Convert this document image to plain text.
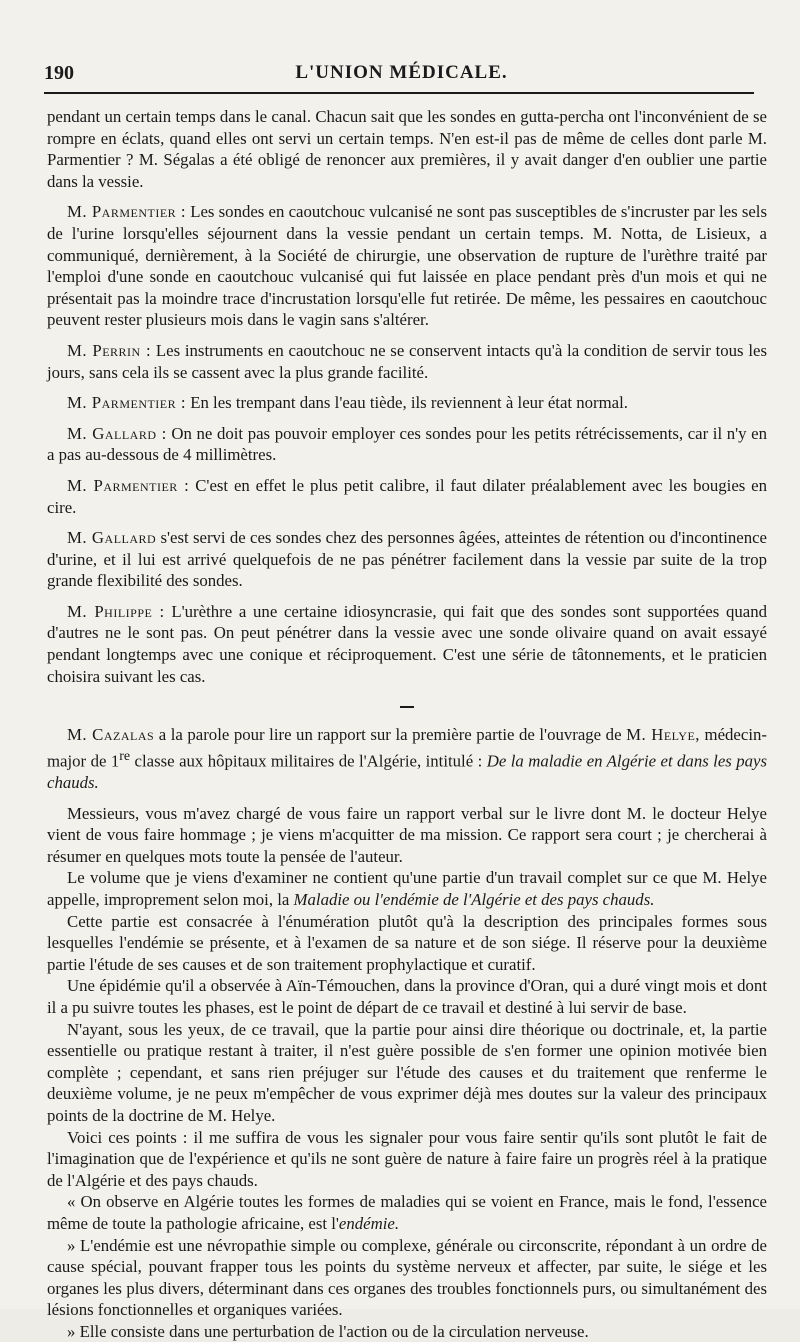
190	L'UNION MÉDICALE.

pendant un certain temps dans le canal. Chacun sait que les sondes en gutta-percha ont l'inconvénient de se rompre en éclats, quand elles ont servi un certain temps. N'en est-il pas de même de celles dont parle M. Parmentier ? M. Ségalas a été obligé de renoncer aux premières, il y avait danger d'en oublier une partie dans la vessie.

M. Parmentier : Les sondes en caoutchouc vulcanisé ne sont pas susceptibles de s'incruster par les sels de l'urine lorsqu'elles séjournent dans la vessie pendant un certain temps. M. Notta, de Lisieux, a communiqué, dernièrement, à la Société de chirurgie, une observation de rupture de l'urèthre traité par l'emploi d'une sonde en caoutchouc vulcanisé qui fut laissée en place pendant près d'un mois et qui ne présentait pas la moindre trace d'incrustation lorsqu'elle fut retirée. De même, les pessaires en caoutchouc peuvent rester plusieurs mois dans le vagin sans s'altérer.

M. Perrin : Les instruments en caoutchouc ne se conservent intacts qu'à la condition de servir tous les jours, sans cela ils se cassent avec la plus grande facilité.

M. Parmentier : En les trempant dans l'eau tiède, ils reviennent à leur état normal.

M. Gallard : On ne doit pas pouvoir employer ces sondes pour les petits rétrécissements, car il n'y en a pas au-dessous de 4 millimètres.

M. Parmentier : C'est en effet le plus petit calibre, il faut dilater préalablement avec les bougies en cire.

M. Gallard s'est servi de ces sondes chez des personnes âgées, atteintes de rétention ou d'incontinence d'urine, et il lui est arrivé quelquefois de ne pas pénétrer facilement dans la vessie par suite de la trop grande flexibilité des sondes.

M. Philippe : L'urèthre a une certaine idiosyncrasie, qui fait que des sondes sont supportées quand d'autres ne le sont pas. On peut pénétrer dans la vessie avec une sonde olivaire quand on avait essayé pendant longtemps avec une conique et réciproquement. C'est une série de tâtonnements, et le praticien choisira suivant les cas.

M. Cazalas a la parole pour lire un rapport sur la première partie de l'ouvrage de M. Helye, médecin-major de 1re classe aux hôpitaux militaires de l'Algérie, intitulé : De la maladie en Algérie et dans les pays chauds.

Messieurs, vous m'avez chargé de vous faire un rapport verbal sur le livre dont M. le docteur Helye vient de vous faire hommage ; je viens m'acquitter de ma mission. Ce rapport sera court ; je chercherai à résumer en quelques mots toute la pensée de l'auteur.

Le volume que je viens d'examiner ne contient qu'une partie d'un travail complet sur ce que M. Helye appelle, improprement selon moi, la Maladie ou l'endémie de l'Algérie et des pays chauds.

Cette partie est consacrée à l'énumération plutôt qu'à la description des principales formes sous lesquelles l'endémie se présente, et à l'examen de sa nature et de son siége. Il réserve pour la deuxième partie l'étude de ses causes et de son traitement prophylactique et curatif.

Une épidémie qu'il a observée à Aïn-Témouchen, dans la province d'Oran, qui a duré vingt mois et dont il a pu suivre toutes les phases, est le point de départ de ce travail et destiné à lui servir de base.

N'ayant, sous les yeux, de ce travail, que la partie pour ainsi dire théorique ou doctrinale, et, la partie essentielle ou pratique restant à traiter, il n'est guère possible de s'en former une opinion motivée bien complète ; cependant, et sans rien préjuger sur l'étude des causes et du traitement que renferme le deuxième volume, je ne peux m'empêcher de vous exprimer déjà mes doutes sur la valeur des principaux points de la doctrine de M. Helye.

Voici ces points : il me suffira de vous les signaler pour vous faire sentir qu'ils sont plutôt le fait de l'imagination que de l'expérience et qu'ils ne sont guère de nature à faire faire un progrès réel à la pratique de l'Algérie et des pays chauds.

« On observe en Algérie toutes les formes de maladies qui se voient en France, mais le fond, l'essence même de toute la pathologie africaine, est l'endémie.

» L'endémie est une névropathie simple ou complexe, générale ou circonscrite, répondant à un ordre de cause spécial, pouvant frapper tous les points du système nerveux et affecter, par suite, le siége et les organes les plus divers, déterminant dans ces organes des troubles fonctionnels purs, ou simultanément des lésions fonctionnelles et organiques variées.

» Elle consiste dans une perturbation de l'action ou de la circulation nerveuse.
